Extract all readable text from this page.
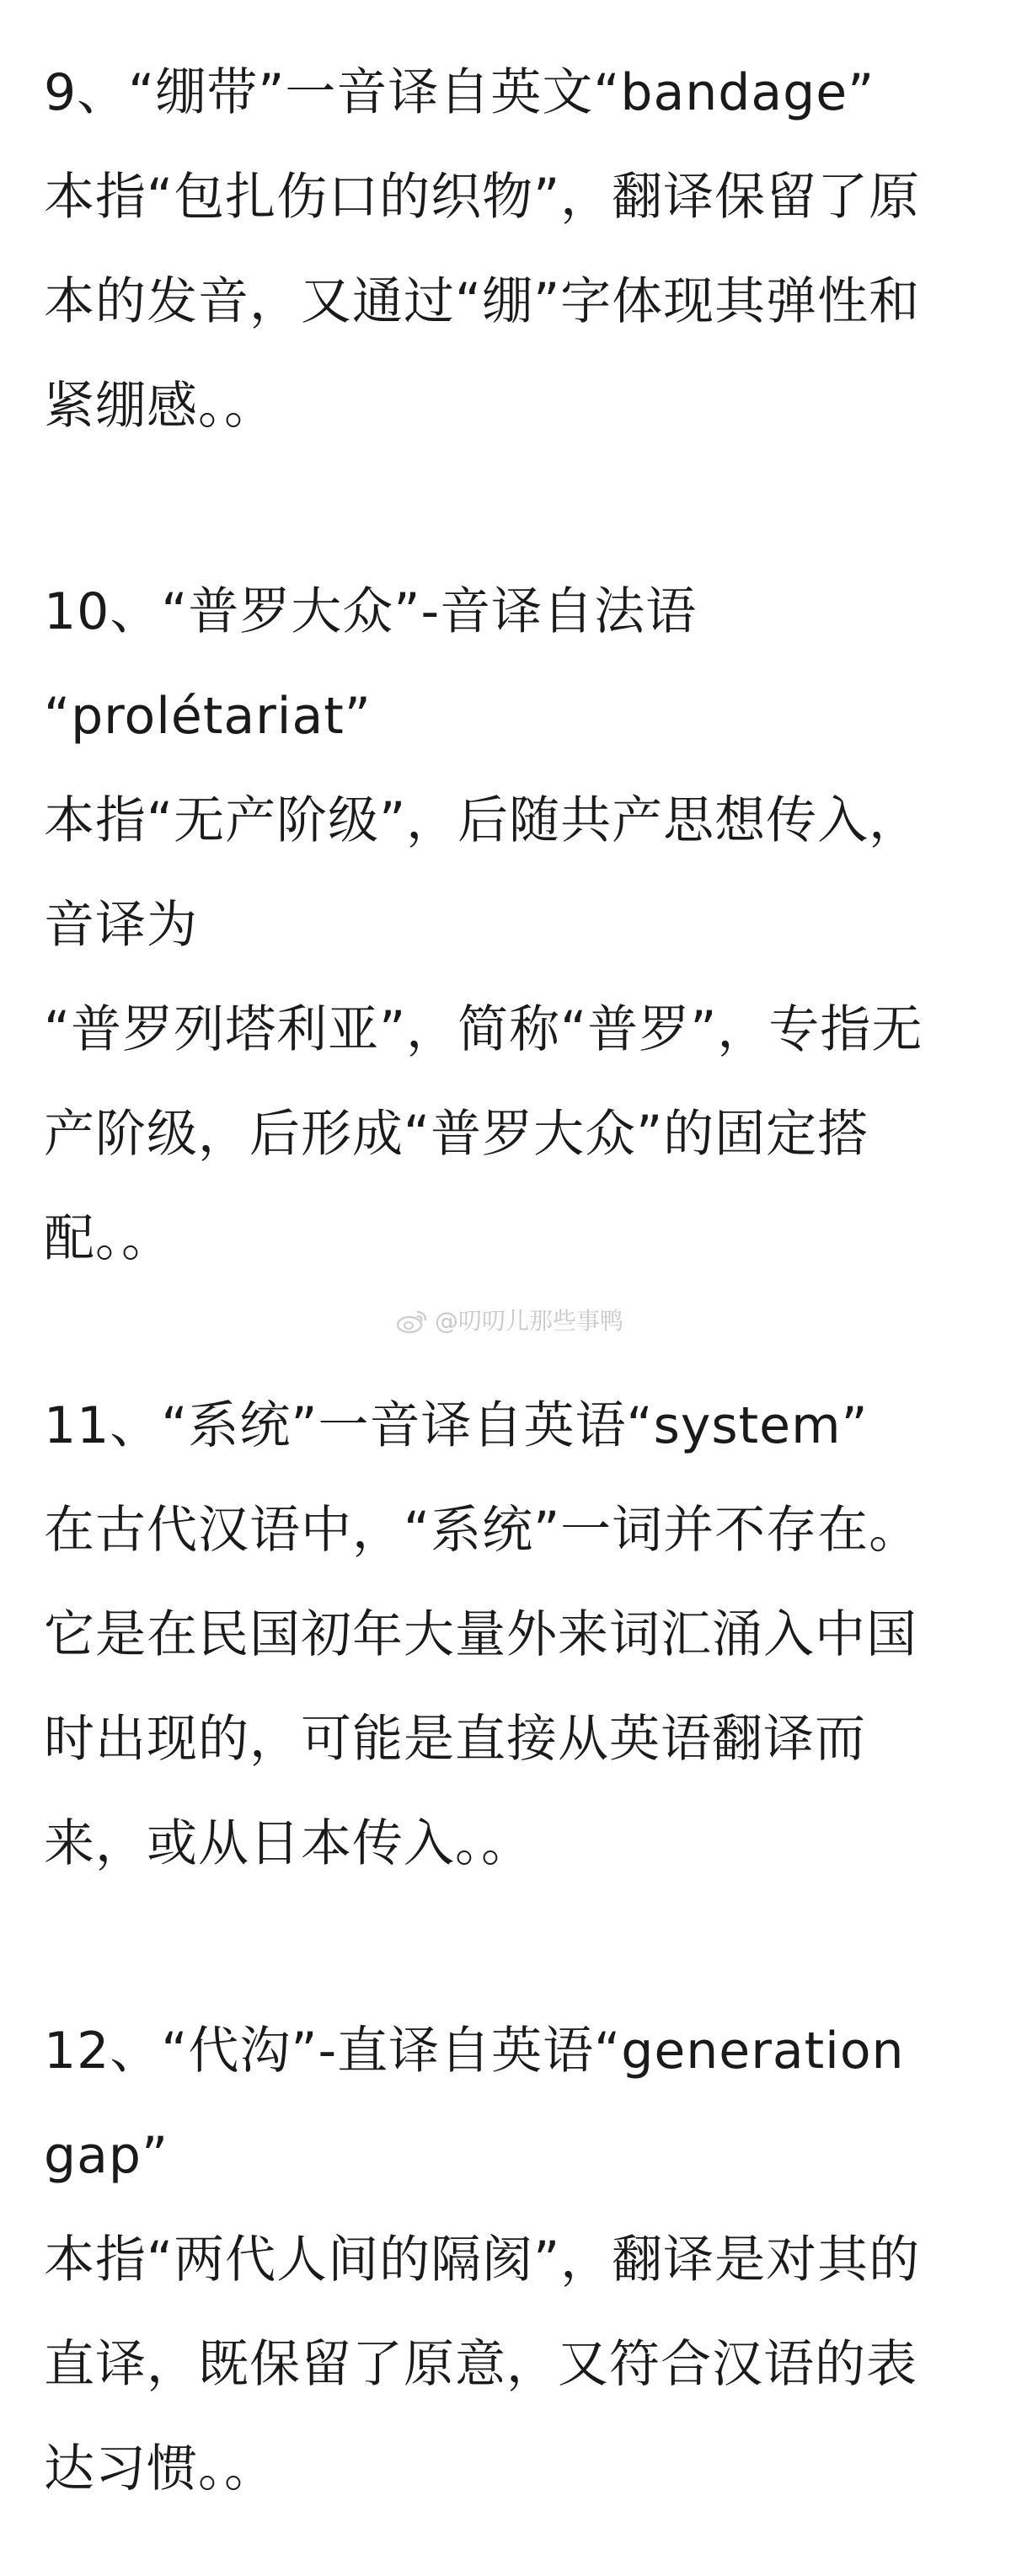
9、“绷带”一音译自英文“bandage”
本指“包扎伤口的织物”，翻译保留了原
本的发音，又通过“绷”字体现其弹性和
紧绷感。。
10、“普罗大众”-音译自法语
“prolétariat”
本指“无产阶级”，后随共产思想传入，
音译为
“普罗列塔利亚”，简称“普罗”，专指无
产阶级，后形成“普罗大众”的固定搭
配。。
@叨叨儿那些事鸭
11、“系统”一音译自英语“system”
在古代汉语中，“系统”一词并不存在。
它是在民国初年大量外来词汇涌入中国
时出现的，可能是直接从英语翻译而
来，或从日本传入。。
12、“代沟”-直译自英语“generation
gap”
本指“两代人间的隔阂”，翻译是对其的
直译，既保留了原意，又符合汉语的表
达习惯。。
